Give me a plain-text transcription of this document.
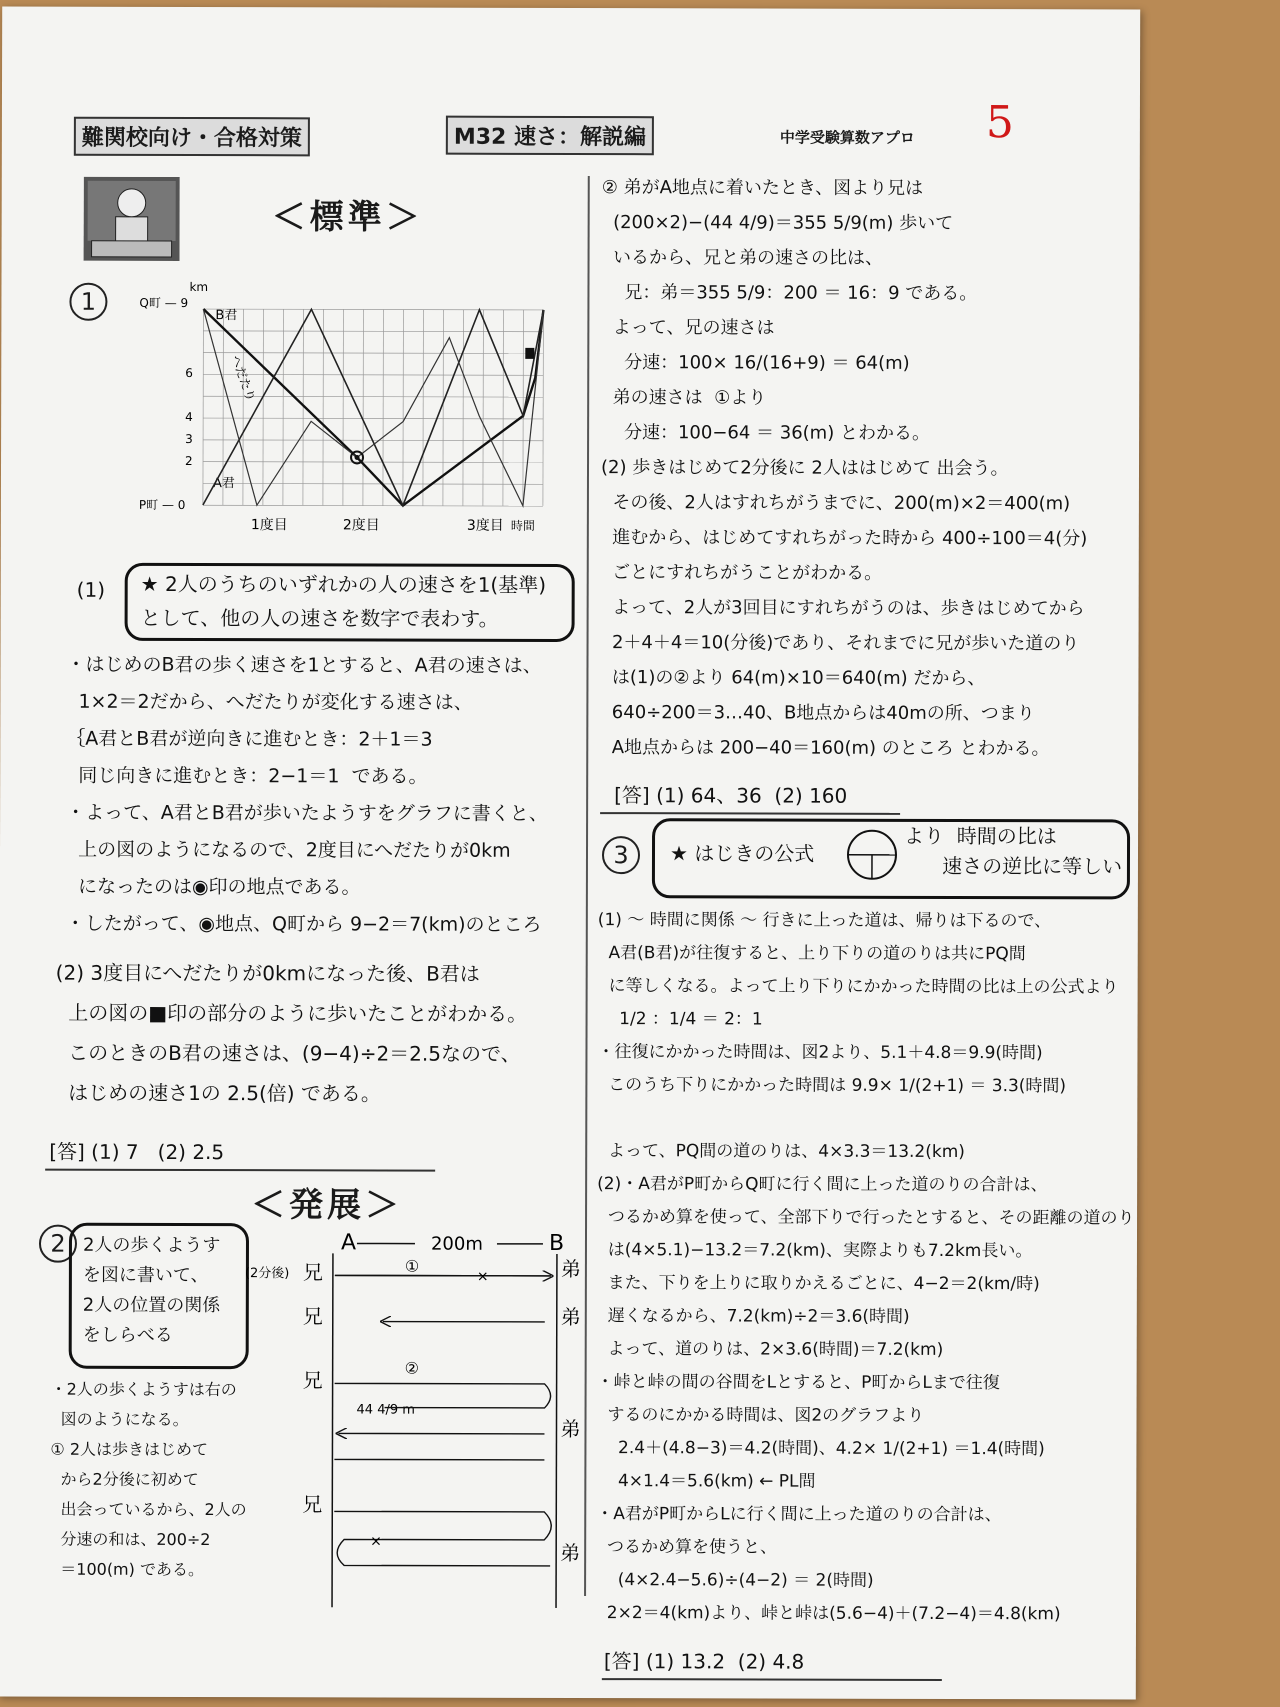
難関校向け・合格対策	M32 速さ：解説編	中学受験算数アプロ 5
＜標準＞
1
km
Q町 — 9
6
4
3
2
P町 — 0
B君
A君
へだたり
1度目	2度目	3度目 時間
(1) ★ 2人のうちのいずれかの人の速さを1(基準)
として、他の人の速さを数字で表わす。
・はじめのB君の歩く速さを1とすると、A君の速さは、
1×2＝2だから、へだたりが変化する速さは、
｛A君とB君が逆向きに進むとき：2＋1＝3
同じ向きに進むとき：2−1＝1  である。
・よって、A君とB君が歩いたようすをグラフに書くと、
上の図のようになるので、2度目にへだたりが0km
になったのは◉印の地点である。
・したがって、◉地点、Q町から 9−2＝7(km)のところ
(2) 3度目にへだたりが0kmになった後、B君は
上の図の■印の部分のように歩いたことがわかる。
このときのB君の速さは、(9−4)÷2＝2.5なので、
はじめの速さ1の 2.5(倍) である。
[答] (1) 7   (2) 2.5
＜発展＞
2 2人の歩くようす
を図に書いて、
2人の位置の関係
をしらべる
・2人の歩くようすは右の
図のようになる。
① 2人は歩きはじめて
から2分後に初めて
出会っているから、2人の
分速の和は、200÷2
＝100(m) である。
A	B
200m
(2分後) 兄
兄
兄
兄
弟
弟
弟
弟
①
②
44 4/9 m
×
×
② 弟がA地点に着いたとき、図より兄は
(200×2)−(44 4/9)＝355 5/9(m) 歩いて
いるから、兄と弟の速さの比は、
兄：弟＝355 5/9：200 ＝ 16：9 である。
よって、兄の速さは
分速：100× 16/(16+9) ＝ 64(m)
弟の速さは  ①より
分速：100−64 ＝ 36(m) とわかる。
(2) 歩きはじめて2分後に 2人ははじめて 出会う。
その後、2人はすれちがうまでに、200(m)×2＝400(m)
進むから、はじめてすれちがった時から 400÷100＝4(分)
ごとにすれちがうことがわかる。
よって、2人が3回目にすれちがうのは、歩きはじめてから
2＋4＋4＝10(分後)であり、それまでに兄が歩いた道のり
は(1)の②より 64(m)×10＝640(m) だから、
640÷200＝3…40、B地点からは40mの所、つまり
A地点からは 200−40＝160(m) のところ とわかる。
[答] (1) 64、36  (2) 160
3	★ はじきの公式
より  時間の比は
速さの逆比に等しい
(1) 〜 時間に関係 〜 行きに上った道は、帰りは下るので、
A君(B君)が往復すると、上り下りの道のりは共にPQ間
に等しくなる。よって上り下りにかかった時間の比は上の公式より
1/2 ：1/4 ＝ 2：1
・往復にかかった時間は、図2より、5.1＋4.8＝9.9(時間)
このうち下りにかかった時間は 9.9× 1/(2+1) ＝ 3.3(時間)
よって、PQ間の道のりは、4×3.3＝13.2(km)
(2)・A君がP町からQ町に行く間に上った道のりの合計は、
つるかめ算を使って、全部下りで行ったとすると、その距離の道のり
は(4×5.1)−13.2＝7.2(km)、実際よりも7.2km長い。
また、下りを上りに取りかえるごとに、4−2＝2(km/時)
遅くなるから、7.2(km)÷2＝3.6(時間)
よって、道のりは、2×3.6(時間)＝7.2(km)
・峠と峠の間の谷間をLとすると、P町からLまで往復
するのにかかる時間は、図2のグラフより
2.4＋(4.8−3)＝4.2(時間)、4.2× 1/(2+1) ＝1.4(時間)
4×1.4＝5.6(km) ← PL間
・A君がP町からLに行く間に上った道のりの合計は、
つるかめ算を使うと、
(4×2.4−5.6)÷(4−2) ＝ 2(時間)
2×2＝4(km)より、峠と峠は(5.6−4)＋(7.2−4)＝4.8(km)
[答] (1) 13.2  (2) 4.8
